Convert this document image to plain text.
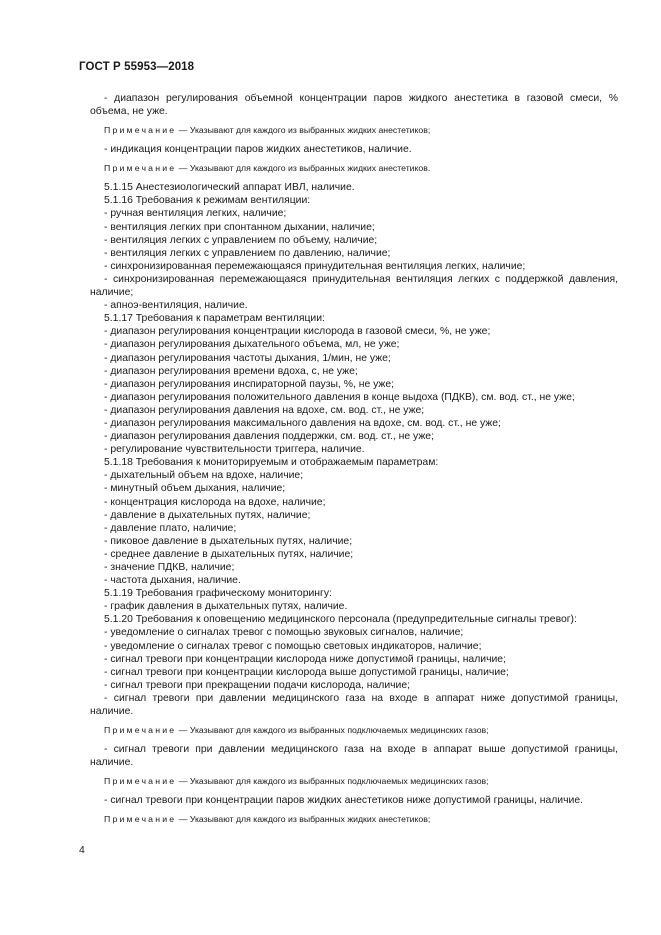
ГОСТ Р 55953—2018
- диапазон регулирования объемной концентрации паров жидкого анестетика в газовой смеси, % объема, не уже.
Примечание — Указывают для каждого из выбранных жидких анестетиков;
- индикация концентрации паров жидких анестетиков, наличие.
Примечание — Указывают для каждого из выбранных жидких анестетиков.
5.1.15 Анестезиологический аппарат ИВЛ, наличие.
5.1.16 Требования к режимам вентиляции:
- ручная вентиляция легких, наличие;
- вентиляция легких при спонтанном дыхании, наличие;
- вентиляция легких с управлением по объему, наличие;
- вентиляция легких с управлением по давлению, наличие;
- синхронизированная перемежающаяся принудительная вентиляция легких, наличие;
- синхронизированная перемежающаяся принудительная вентиляция легких с поддержкой давления, наличие;
- апноэ-вентиляция, наличие.
5.1.17 Требования к параметрам вентиляции:
- диапазон регулирования концентрации кислорода в газовой смеси, %, не уже;
- диапазон регулирования дыхательного объема, мл, не уже;
- диапазон регулирования частоты дыхания, 1/мин, не уже;
- диапазон регулирования времени вдоха, с, не уже;
- диапазон регулирования инспираторной паузы, %, не уже;
- диапазон регулирования положительного давления в конце выдоха (ПДКВ), см. вод. ст., не уже;
- диапазон регулирования давления на вдохе, см. вод. ст., не уже;
- диапазон регулирования максимального давления на вдохе, см. вод. ст., не уже;
- диапазон регулирования давления поддержки, см. вод. ст., не уже;
- регулирование чувствительности триггера, наличие.
5.1.18 Требования к мониторируемым и отображаемым параметрам:
- дыхательный объем на вдохе, наличие;
- минутный объем дыхания, наличие;
- концентрация кислорода на вдохе, наличие;
- давление в дыхательных путях, наличие;
- давление плато, наличие;
- пиковое давление в дыхательных путях, наличие;
- среднее давление в дыхательных путях, наличие;
- значение ПДКВ, наличие;
- частота дыхания, наличие.
5.1.19 Требования графическому мониторингу:
- график давления в дыхательных путях, наличие.
5.1.20 Требования к оповещению медицинского персонала (предупредительные сигналы тревог):
- уведомление о сигналах тревог с помощью звуковых сигналов, наличие;
- уведомление о сигналах тревог с помощью световых индикаторов, наличие;
- сигнал тревоги при концентрации кислорода ниже допустимой границы, наличие;
- сигнал тревоги при концентрации кислорода выше допустимой границы, наличие;
- сигнал тревоги при прекращении подачи кислорода, наличие;
- сигнал тревоги при давлении медицинского газа на входе в аппарат ниже допустимой границы, наличие.
Примечание — Указывают для каждого из выбранных подключаемых медицинских газов;
- сигнал тревоги при давлении медицинского газа на входе в аппарат выше допустимой границы, наличие.
Примечание — Указывают для каждого из выбранных подключаемых медицинских газов;
- сигнал тревоги при концентрации паров жидких анестетиков ниже допустимой границы, наличие.
Примечание — Указывают для каждого из выбранных жидких анестетиков;
4
